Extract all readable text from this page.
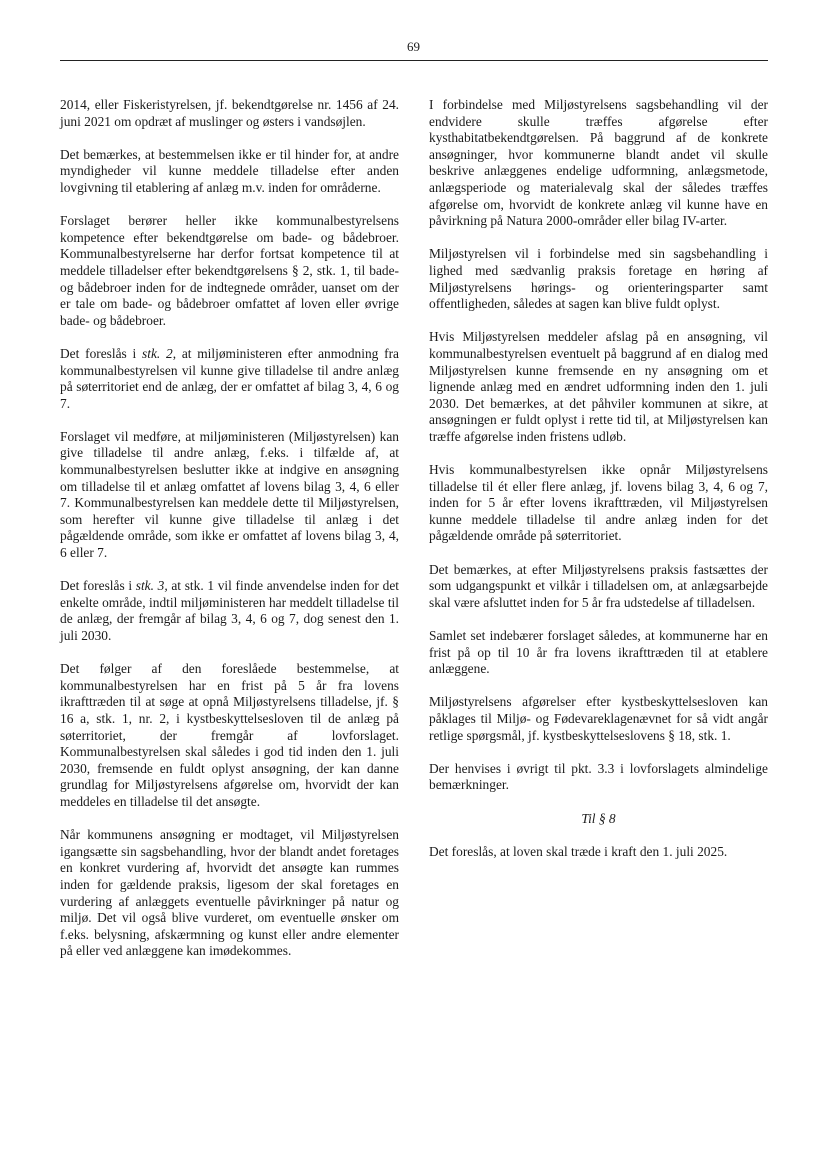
69

2014, eller Fiskeristyrelsen, jf. bekendtgørelse nr. 1456 af 24. juni 2021 om opdræt af muslinger og østers i vandsøjlen.

Det bemærkes, at bestemmelsen ikke er til hinder for, at andre myndigheder vil kunne meddele tilladelse efter anden lovgivning til etablering af anlæg m.v. inden for områderne.

Forslaget berører heller ikke kommunalbestyrelsens kompetence efter bekendtgørelse om bade- og bådebroer. Kommunalbestyrelserne har derfor fortsat kompetence til at meddele tilladelser efter bekendtgørelsens § 2, stk. 1, til bade- og bådebroer inden for de indtegnede områder, uanset om der er tale om bade- og bådebroer omfattet af loven eller øvrige bade- og bådebroer.

Det foreslås i stk. 2, at miljøministeren efter anmodning fra kommunalbestyrelsen vil kunne give tilladelse til andre anlæg på søterritoriet end de anlæg, der er omfattet af bilag 3, 4, 6 og 7.

Forslaget vil medføre, at miljøministeren (Miljøstyrelsen) kan give tilladelse til andre anlæg, f.eks. i tilfælde af, at kommunalbestyrelsen beslutter ikke at indgive en ansøgning om tilladelse til et anlæg omfattet af lovens bilag 3, 4, 6 eller 7. Kommunalbestyrelsen kan meddele dette til Miljøstyrelsen, som herefter vil kunne give tilladelse til anlæg i det pågældende område, som ikke er omfattet af lovens bilag 3, 4, 6 eller 7.

Det foreslås i stk. 3, at stk. 1 vil finde anvendelse inden for det enkelte område, indtil miljøministeren har meddelt tilladelse til de anlæg, der fremgår af bilag 3, 4, 6 og 7, dog senest den 1. juli 2030.

Det følger af den foreslåede bestemmelse, at kommunalbestyrelsen har en frist på 5 år fra lovens ikrafttræden til at søge at opnå Miljøstyrelsens tilladelse, jf. § 16 a, stk. 1, nr. 2, i kystbeskyttelsesloven til de anlæg på søterritoriet, der fremgår af lovforslaget. Kommunalbestyrelsen skal således i god tid inden den 1. juli 2030, fremsende en fuldt oplyst ansøgning, der kan danne grundlag for Miljøstyrelsens afgørelse om, hvorvidt der kan meddeles en tilladelse til det ansøgte.

Når kommunens ansøgning er modtaget, vil Miljøstyrelsen igangsætte sin sagsbehandling, hvor der blandt andet foretages en konkret vurdering af, hvorvidt det ansøgte kan rummes inden for gældende praksis, ligesom der skal foretages en vurdering af anlæggets eventuelle påvirkninger på natur og miljø. Det vil også blive vurderet, om eventuelle ønsker om f.eks. belysning, afskærmning og kunst eller andre elementer på eller ved anlæggene kan imødekommes.

I forbindelse med Miljøstyrelsens sagsbehandling vil der endvidere skulle træffes afgørelse efter kysthabitatbekendtgørelsen. På baggrund af de konkrete ansøgninger, hvor kommunerne blandt andet vil skulle beskrive anlæggenes endelige udformning, anlægsmetode, anlægsperiode og materialevalg skal der således træffes afgørelse om, hvorvidt de konkrete anlæg vil kunne have en påvirkning på Natura 2000-områder eller bilag IV-arter.

Miljøstyrelsen vil i forbindelse med sin sagsbehandling i lighed med sædvanlig praksis foretage en høring af Miljøstyrelsens hørings- og orienteringsparter samt offentligheden, således at sagen kan blive fuldt oplyst.

Hvis Miljøstyrelsen meddeler afslag på en ansøgning, vil kommunalbestyrelsen eventuelt på baggrund af en dialog med Miljøstyrelsen kunne fremsende en ny ansøgning om et lignende anlæg med en ændret udformning inden den 1. juli 2030. Det bemærkes, at det påhviler kommunen at sikre, at ansøgningen er fuldt oplyst i rette tid til, at Miljøstyrelsen kan træffe afgørelse inden fristens udløb.

Hvis kommunalbestyrelsen ikke opnår Miljøstyrelsens tilladelse til ét eller flere anlæg, jf. lovens bilag 3, 4, 6 og 7, inden for 5 år efter lovens ikrafttræden, vil Miljøstyrelsen kunne meddele tilladelse til andre anlæg inden for det pågældende område på søterritoriet.

Det bemærkes, at efter Miljøstyrelsens praksis fastsættes der som udgangspunkt et vilkår i tilladelsen om, at anlægsarbejde skal være afsluttet inden for 5 år fra udstedelse af tilladelsen.

Samlet set indebærer forslaget således, at kommunerne har en frist på op til 10 år fra lovens ikrafttræden til at etablere anlæggene.

Miljøstyrelsens afgørelser efter kystbeskyttelsesloven kan påklages til Miljø- og Fødevareklagenævnet for så vidt angår retlige spørgsmål, jf. kystbeskyttelseslovens § 18, stk. 1.

Der henvises i øvrigt til pkt. 3.3 i lovforslagets almindelige bemærkninger.

Til § 8

Det foreslås, at loven skal træde i kraft den 1. juli 2025.
